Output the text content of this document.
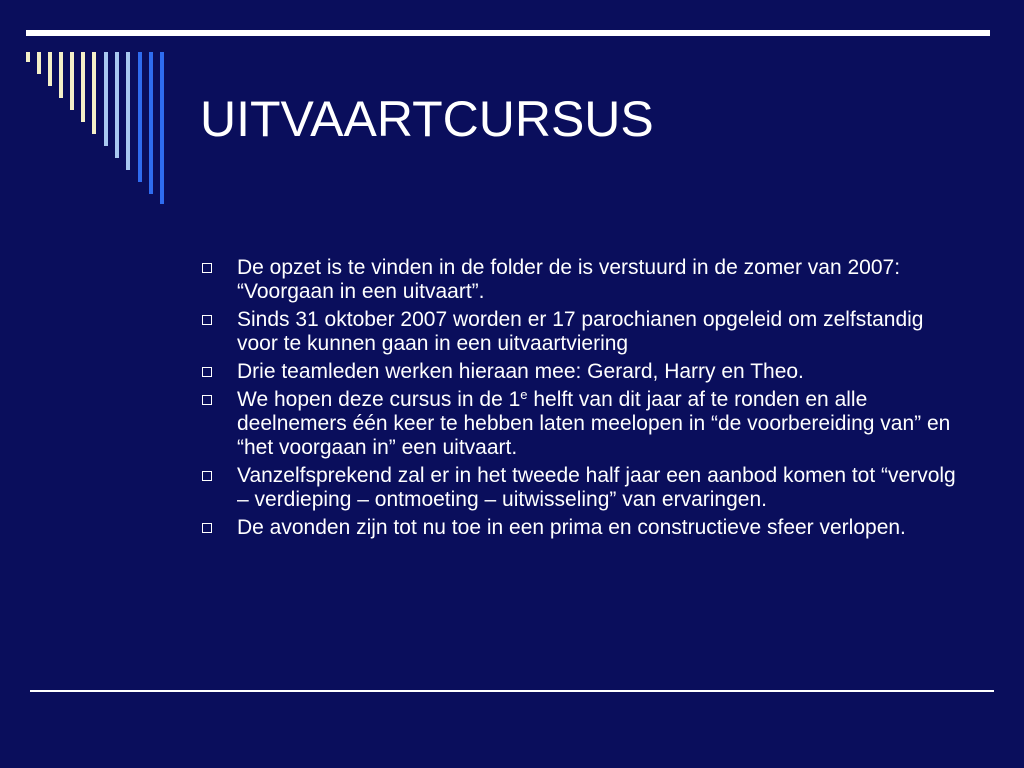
UITVAARTCURSUS
De opzet is te vinden in de folder de is verstuurd in de zomer van 2007: “Voorgaan in een uitvaart”.
Sinds 31 oktober 2007 worden er 17 parochianen opgeleid om zelfstandig voor te kunnen gaan in een uitvaartviering
Drie teamleden werken hieraan mee: Gerard, Harry en Theo.
We hopen deze cursus in de 1e helft van dit jaar af te ronden en alle deelnemers één keer te hebben laten meelopen in “de voorbereiding van” en “het voorgaan in” een uitvaart.
Vanzelfsprekend zal er in het tweede half jaar een aanbod komen tot “vervolg – verdieping – ontmoeting – uitwisseling” van ervaringen.
De avonden zijn tot nu toe in een prima en constructieve sfeer verlopen.
